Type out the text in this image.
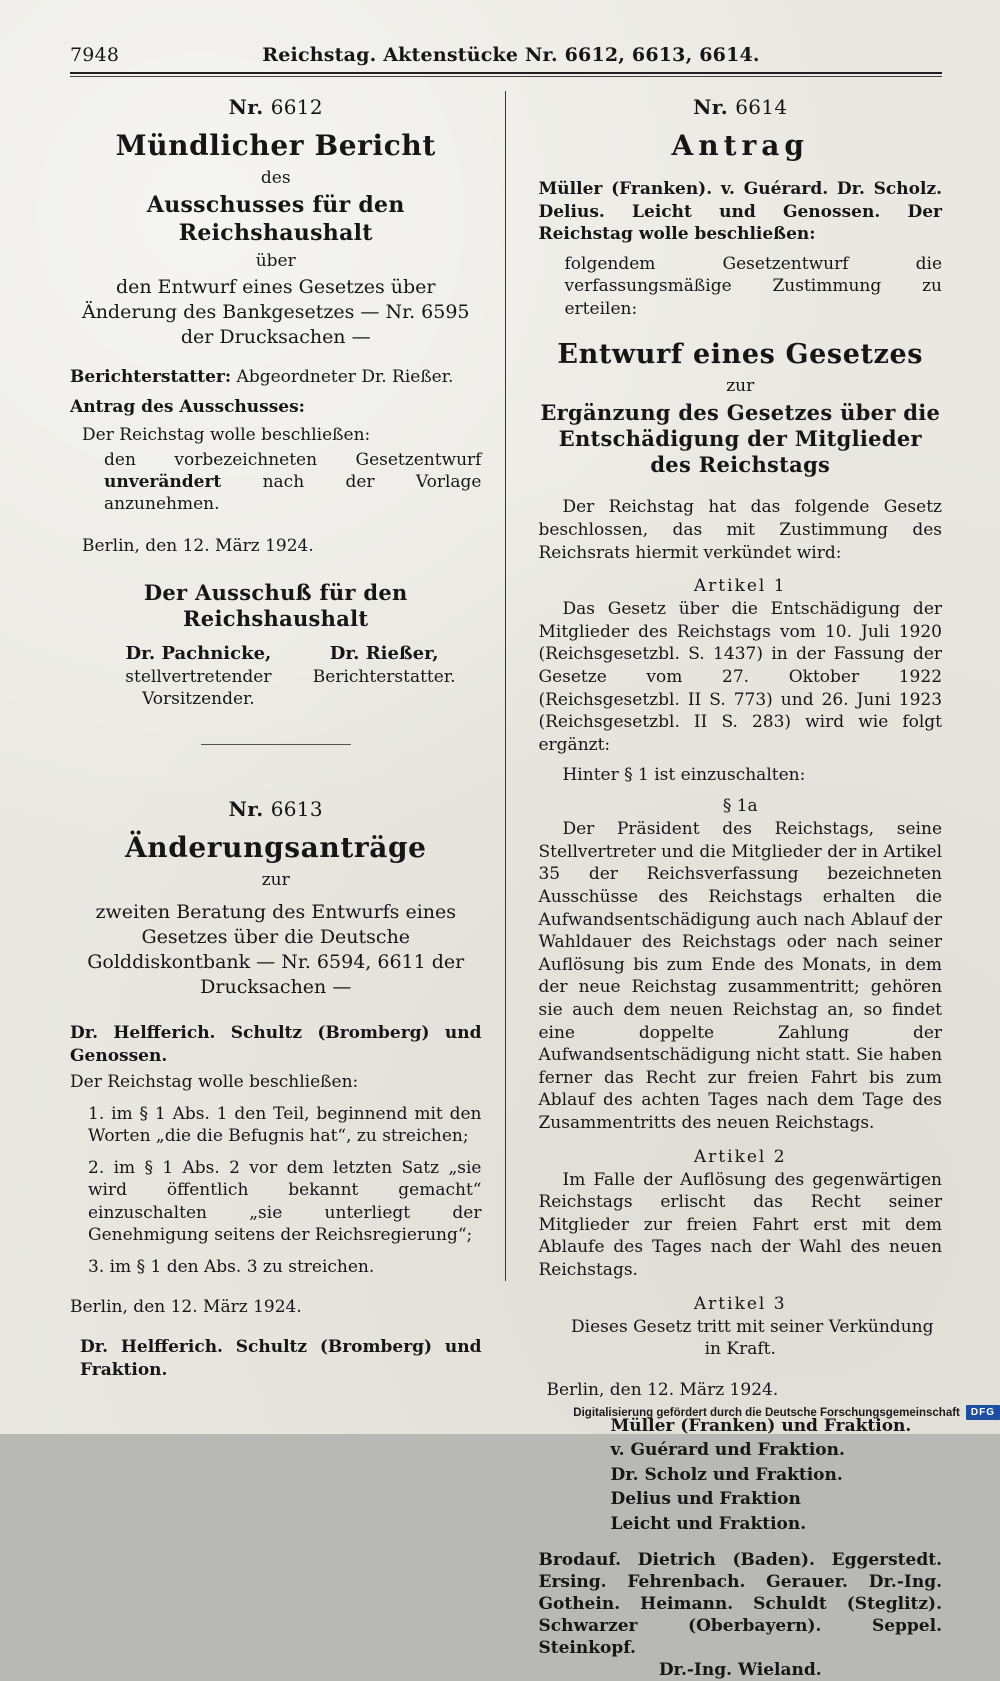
7948	Reichstag. Aktenstücke Nr. 6612, 6613, 6614.
Nr. 6612
Mündlicher Bericht
des
Ausschusses für den Reichshaushalt
über
den Entwurf eines Gesetzes über Änderung des Bankgesetzes — Nr. 6595 der Drucksachen —
Berichterstatter: Abgeordneter Dr. Rießer.
Antrag des Ausschusses:
Der Reichstag wolle beschließen:
den vorbezeichneten Gesetzentwurf unverändert nach der Vorlage anzunehmen.
Berlin, den 12. März 1924.
Der Ausschuß für den Reichshaushalt
Dr. Pachnicke,
stellvertretender Vorsitzender.
Dr. Rießer,
Berichterstatter.
Nr. 6613
Änderungsanträge
zur
zweiten Beratung des Entwurfs eines Gesetzes über die Deutsche Golddiskontbank — Nr. 6594, 6611 der Drucksachen —
Dr. Helfferich. Schultz (Bromberg) und Genossen.
Der Reichstag wolle beschließen:
1. im § 1 Abs. 1 den Teil, beginnend mit den Worten „die die Befugnis hat“, zu streichen;
2. im § 1 Abs. 2 vor dem letzten Satz „sie wird öffentlich bekannt gemacht“ einzuschalten „sie unterliegt der Genehmigung seitens der Reichsregierung“;
3. im § 1 den Abs. 3 zu streichen.
Berlin, den 12. März 1924.
Dr. Helfferich. Schultz (Bromberg) und Fraktion.
Nr. 6614
Antrag
Müller (Franken). v. Guérard. Dr. Scholz. Delius. Leicht und Genossen. Der Reichstag wolle beschließen:
folgendem Gesetzentwurf die verfassungsmäßige Zustimmung zu erteilen:
Entwurf eines Gesetzes
zur
Ergänzung des Gesetzes über die Entschädigung der Mitglieder des Reichstags
Der Reichstag hat das folgende Gesetz beschlossen, das mit Zustimmung des Reichsrats hiermit verkündet wird:
Artikel 1
Das Gesetz über die Entschädigung der Mitglieder des Reichstags vom 10. Juli 1920 (Reichsgesetzbl. S. 1437) in der Fassung der Gesetze vom 27. Oktober 1922 (Reichsgesetzbl. II S. 773) und 26. Juni 1923 (Reichsgesetzbl. II S. 283) wird wie folgt ergänzt:
Hinter § 1 ist einzuschalten:
§ 1a
Der Präsident des Reichstags, seine Stellvertreter und die Mitglieder der in Artikel 35 der Reichsverfassung bezeichneten Ausschüsse des Reichstags erhalten die Aufwandsentschädigung auch nach Ablauf der Wahldauer des Reichstags oder nach seiner Auflösung bis zum Ende des Monats, in dem der neue Reichstag zusammentritt; gehören sie auch dem neuen Reichstag an, so findet eine doppelte Zahlung der Aufwandsentschädigung nicht statt. Sie haben ferner das Recht zur freien Fahrt bis zum Ablauf des achten Tages nach dem Tage des Zusammentritts des neuen Reichstags.
Artikel 2
Im Falle der Auflösung des gegenwärtigen Reichstags erlischt das Recht seiner Mitglieder zur freien Fahrt erst mit dem Ablaufe des Tages nach der Wahl des neuen Reichstags.
Artikel 3
Dieses Gesetz tritt mit seiner Verkündung in Kraft.
Berlin, den 12. März 1924.
Müller (Franken) und Fraktion.
v. Guérard und Fraktion.
Dr. Scholz und Fraktion.
Delius und Fraktion
Leicht und Fraktion.
Brodauf. Dietrich (Baden). Eggerstedt. Ersing. Fehrenbach. Gerauer. Dr.-Ing. Gothein. Heimann. Schuldt (Steglitz). Schwarzer (Oberbayern). Seppel. Steinkopf.
Dr.-Ing. Wieland.
Digitalisierung gefördert durch die Deutsche Forschungsgemeinschaft	DFG
